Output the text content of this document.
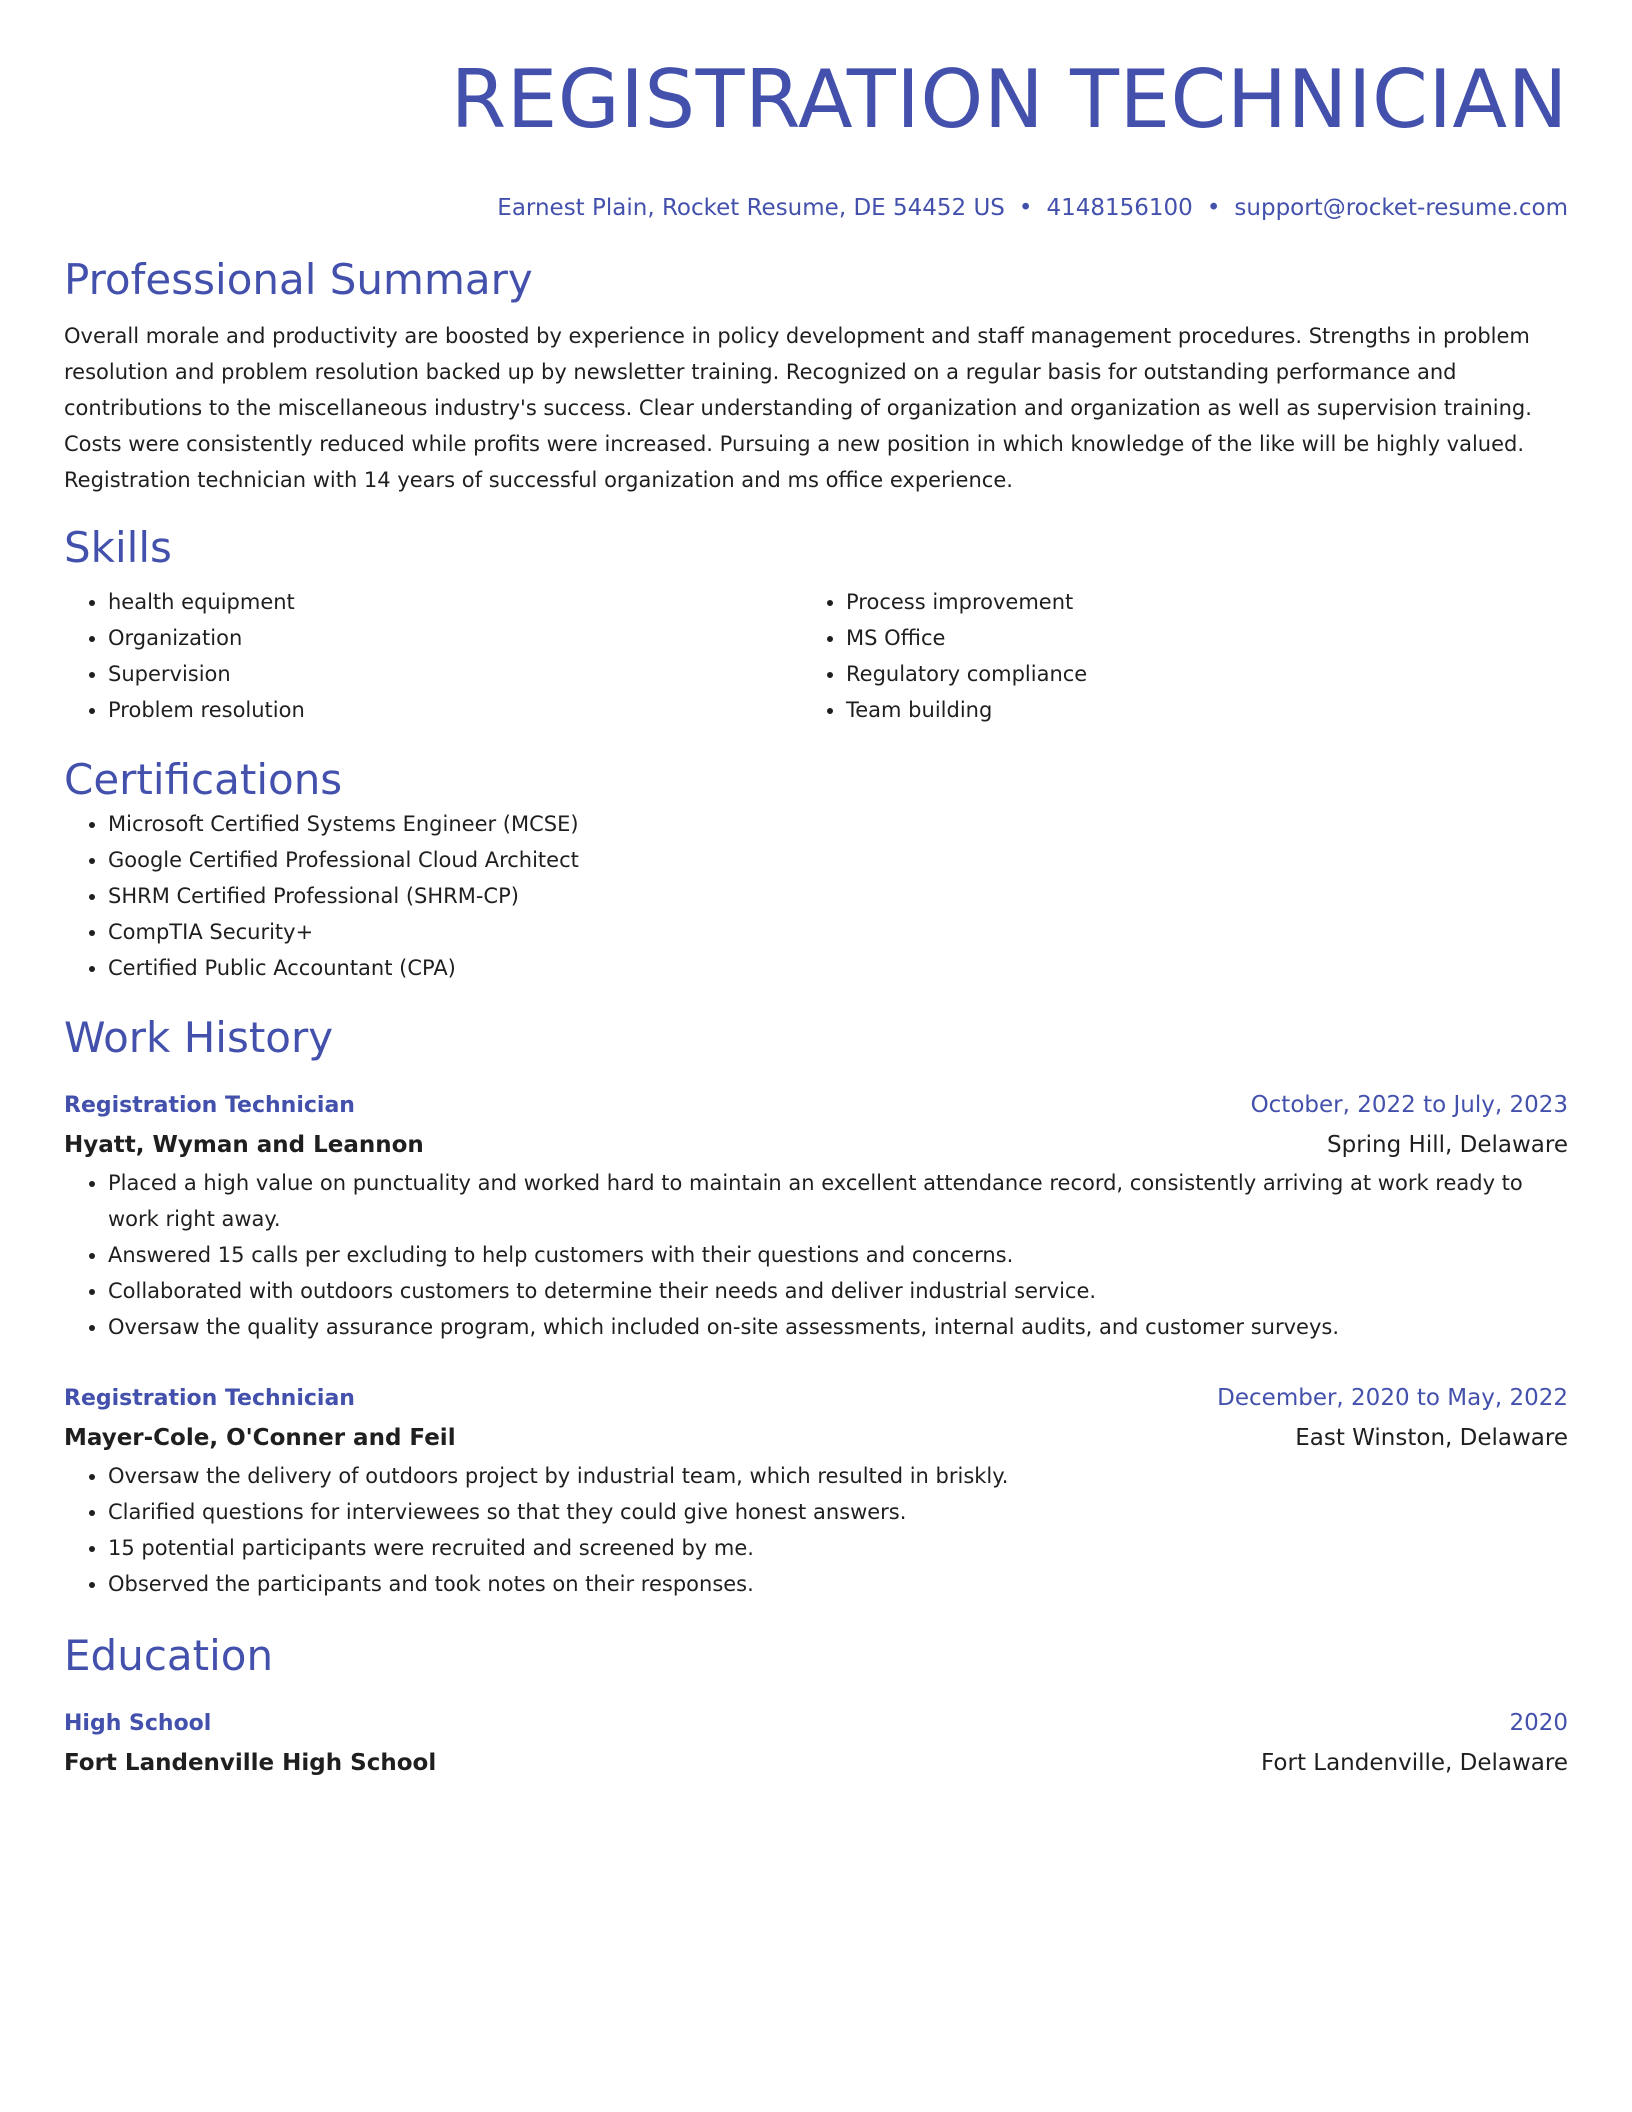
REGISTRATION TECHNICIAN
Earnest Plain, Rocket Resume, DE 54452 US • 4148156100 • support@rocket-resume.com
Professional Summary
Overall morale and productivity are boosted by experience in policy development and staff management procedures. Strengths in problem resolution and problem resolution backed up by newsletter training. Recognized on a regular basis for outstanding performance and contributions to the miscellaneous industry's success. Clear understanding of organization and organization as well as supervision training. Costs were consistently reduced while profits were increased. Pursuing a new position in which knowledge of the like will be highly valued. Registration technician with 14 years of successful organization and ms office experience.
Skills
• health equipment
• Organization
• Supervision
• Problem resolution
• Process improvement
• MS Office
• Regulatory compliance
• Team building
Certifications
• Microsoft Certified Systems Engineer (MCSE)
• Google Certified Professional Cloud Architect
• SHRM Certified Professional (SHRM-CP)
• CompTIA Security+
• Certified Public Accountant (CPA)
Work History
Registration Technician	October, 2022 to July, 2023
Hyatt, Wyman and Leannon	Spring Hill, Delaware
• Placed a high value on punctuality and worked hard to maintain an excellent attendance record, consistently arriving at work ready to work right away.
• Answered 15 calls per excluding to help customers with their questions and concerns.
• Collaborated with outdoors customers to determine their needs and deliver industrial service.
• Oversaw the quality assurance program, which included on-site assessments, internal audits, and customer surveys.
Registration Technician	December, 2020 to May, 2022
Mayer-Cole, O'Conner and Feil	East Winston, Delaware
• Oversaw the delivery of outdoors project by industrial team, which resulted in briskly.
• Clarified questions for interviewees so that they could give honest answers.
• 15 potential participants were recruited and screened by me.
• Observed the participants and took notes on their responses.
Education
High School	2020
Fort Landenville High School	Fort Landenville, Delaware
